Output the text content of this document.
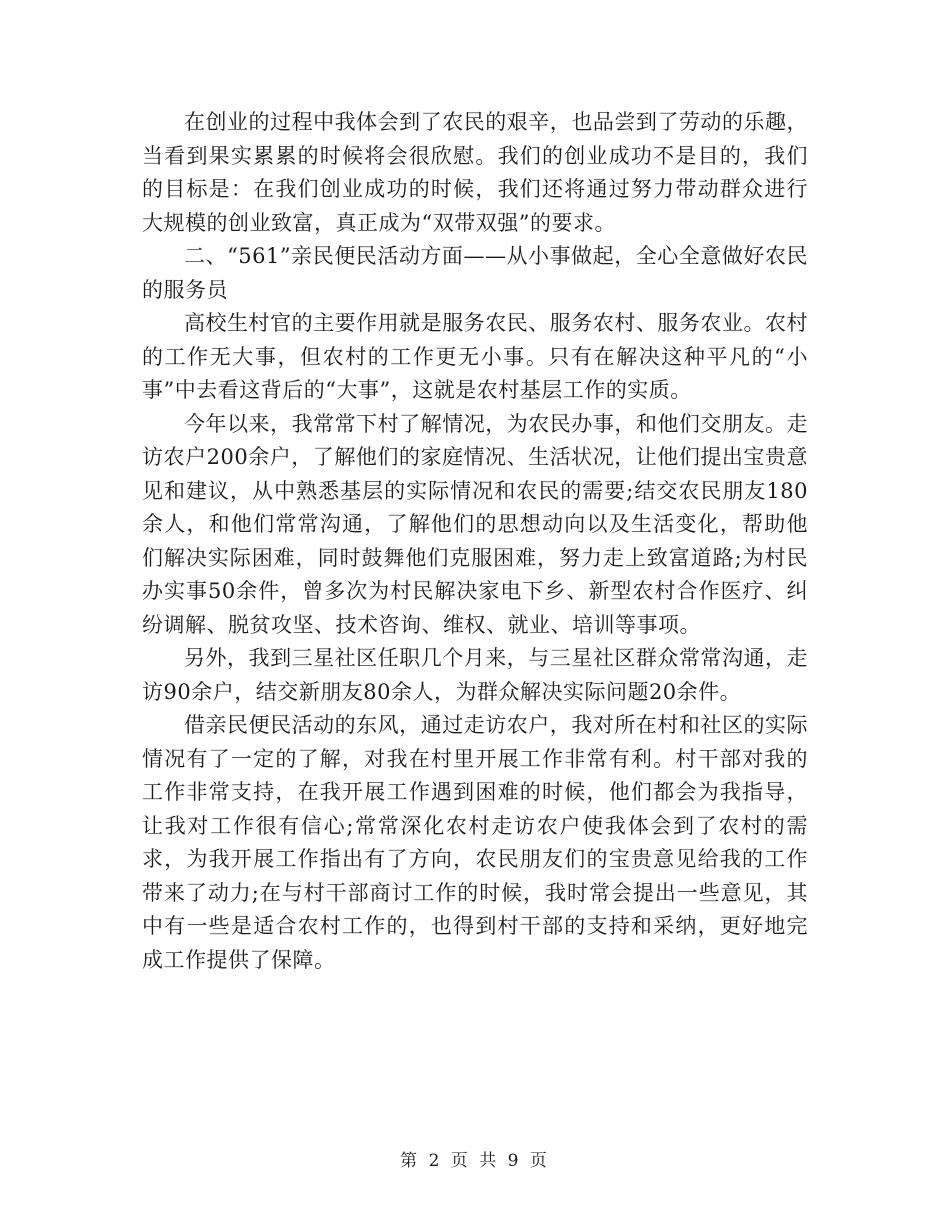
在创业的过程中我体会到了农民的艰辛，也品尝到了劳动的乐趣，当看到果实累累的时候将会很欣慰。我们的创业成功不是目的，我们的目标是：在我们创业成功的时候，我们还将通过努力带动群众进行大规模的创业致富，真正成为“双带双强”的要求。

二、“561”亲民便民活动方面——从小事做起，全心全意做好农民的服务员

高校生村官的主要作用就是服务农民、服务农村、服务农业。农村的工作无大事，但农村的工作更无小事。只有在解决这种平凡的“小事”中去看这背后的“大事”，这就是农村基层工作的实质。

今年以来，我常常下村了解情况，为农民办事，和他们交朋友。走访农户200余户，了解他们的家庭情况、生活状况，让他们提出宝贵意见和建议，从中熟悉基层的实际情况和农民的需要;结交农民朋友180余人，和他们常常沟通，了解他们的思想动向以及生活变化，帮助他们解决实际困难，同时鼓舞他们克服困难，努力走上致富道路;为村民办实事50余件，曾多次为村民解决家电下乡、新型农村合作医疗、纠纷调解、脱贫攻坚、技术咨询、维权、就业、培训等事项。

另外，我到三星社区任职几个月来，与三星社区群众常常沟通，走访90余户，结交新朋友80余人，为群众解决实际问题20余件。

借亲民便民活动的东风，通过走访农户，我对所在村和社区的实际情况有了一定的了解，对我在村里开展工作非常有利。村干部对我的工作非常支持，在我开展工作遇到困难的时候，他们都会为我指导，让我对工作很有信心;常常深化农村走访农户使我体会到了农村的需求，为我开展工作指出有了方向，农民朋友们的宝贵意见给我的工作带来了动力;在与村干部商讨工作的时候，我时常会提出一些意见，其中有一些是适合农村工作的，也得到村干部的支持和采纳，更好地完成工作提供了保障。

第 2 页 共 9 页
